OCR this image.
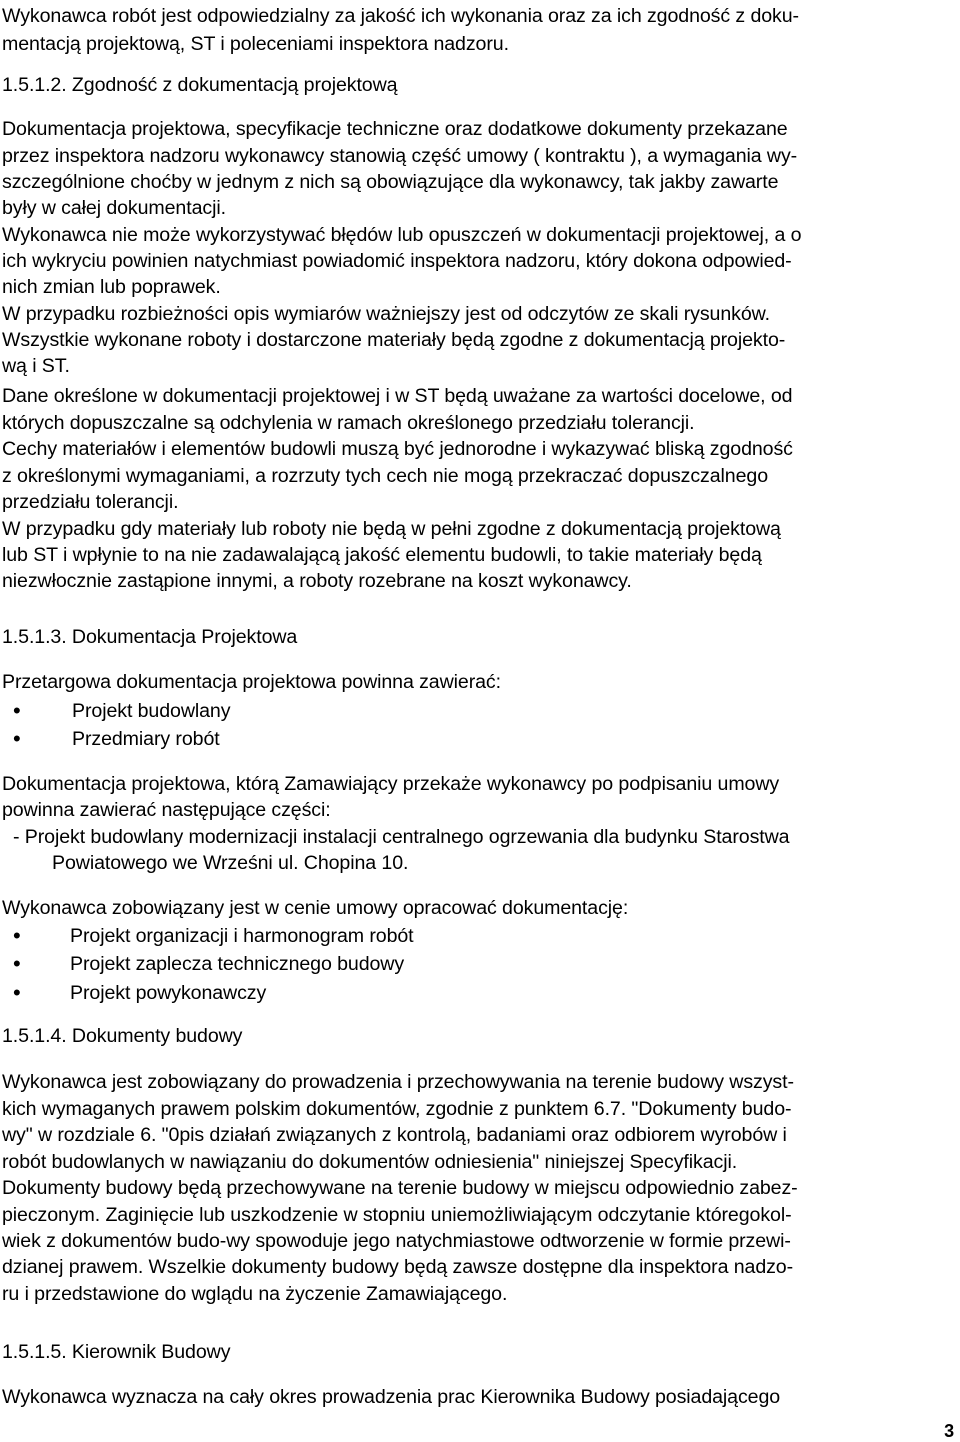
Wykonawca robót jest odpowiedzialny za jakość ich wykonania oraz za ich zgodność z doku-
mentacją projektową, ST i poleceniami inspektora nadzoru.
1.5.1.2. Zgodność z dokumentacją projektową
Dokumentacja projektowa, specyfikacje techniczne oraz dodatkowe dokumenty przekazane
przez inspektora nadzoru wykonawcy stanowią część umowy ( kontraktu ), a wymagania wy-
szczególnione choćby w jednym z nich są obowiązujące dla wykonawcy, tak jakby zawarte
były w całej dokumentacji.
Wykonawca nie może wykorzystywać błędów lub opuszczeń w dokumentacji projektowej, a o
ich wykryciu powinien natychmiast powiadomić inspektora nadzoru, który dokona odpowied-
nich zmian lub poprawek.
W przypadku rozbieżności opis wymiarów ważniejszy jest od odczytów ze skali rysunków.
Wszystkie wykonane roboty i dostarczone materiały będą zgodne z dokumentacją projekto-
wą i ST.
Dane określone w dokumentacji projektowej i w ST będą uważane za wartości docelowe, od
których dopuszczalne są odchylenia w ramach określonego przedziału tolerancji.
Cechy materiałów i elementów budowli muszą być jednorodne i wykazywać bliską zgodność
z określonymi wymaganiami, a rozrzuty tych cech nie mogą przekraczać dopuszczalnego
przedziału tolerancji.
W przypadku gdy materiały lub roboty nie będą w pełni zgodne z dokumentacją projektową
lub ST i wpłynie to na nie zadawalającą jakość elementu budowli, to takie materiały będą
niezwłocznie zastąpione innymi, a roboty rozebrane na koszt wykonawcy.
1.5.1.3. Dokumentacja Projektowa
Przetargowa dokumentacja projektowa powinna zawierać:
•	Projekt budowlany
•	Przedmiary robót
Dokumentacja projektowa, którą Zamawiający przekaże wykonawcy po podpisaniu umowy
powinna zawierać następujące części:
- Projekt budowlany modernizacji instalacji centralnego ogrzewania dla budynku Starostwa
Powiatowego we Wrześni ul. Chopina 10.
Wykonawca zobowiązany jest w cenie umowy opracować dokumentację:
•	Projekt organizacji i harmonogram robót
•	Projekt zaplecza technicznego budowy
•	Projekt powykonawczy
1.5.1.4. Dokumenty budowy
Wykonawca jest zobowiązany do prowadzenia i przechowywania na terenie budowy wszyst-
kich wymaganych prawem polskim dokumentów, zgodnie z punktem 6.7. "Dokumenty budo-
wy" w rozdziale 6. "0pis działań związanych z kontrolą, badaniami oraz odbiorem wyrobów i
robót budowlanych w nawiązaniu do dokumentów odniesienia" niniejszej Specyfikacji.
Dokumenty budowy będą przechowywane na terenie budowy w miejscu odpowiednio zabez-
pieczonym. Zaginięcie lub uszkodzenie w stopniu uniemożliwiającym odczytanie któregokol-
wiek z dokumentów budo-wy spowoduje jego natychmiastowe odtworzenie w formie przewi-
dzianej prawem. Wszelkie dokumenty budowy będą zawsze dostępne dla inspektora nadzo-
ru i przedstawione do wglądu na życzenie Zamawiającego.
1.5.1.5. Kierownik Budowy
Wykonawca wyznacza na cały okres prowadzenia prac Kierownika Budowy posiadającego
3
